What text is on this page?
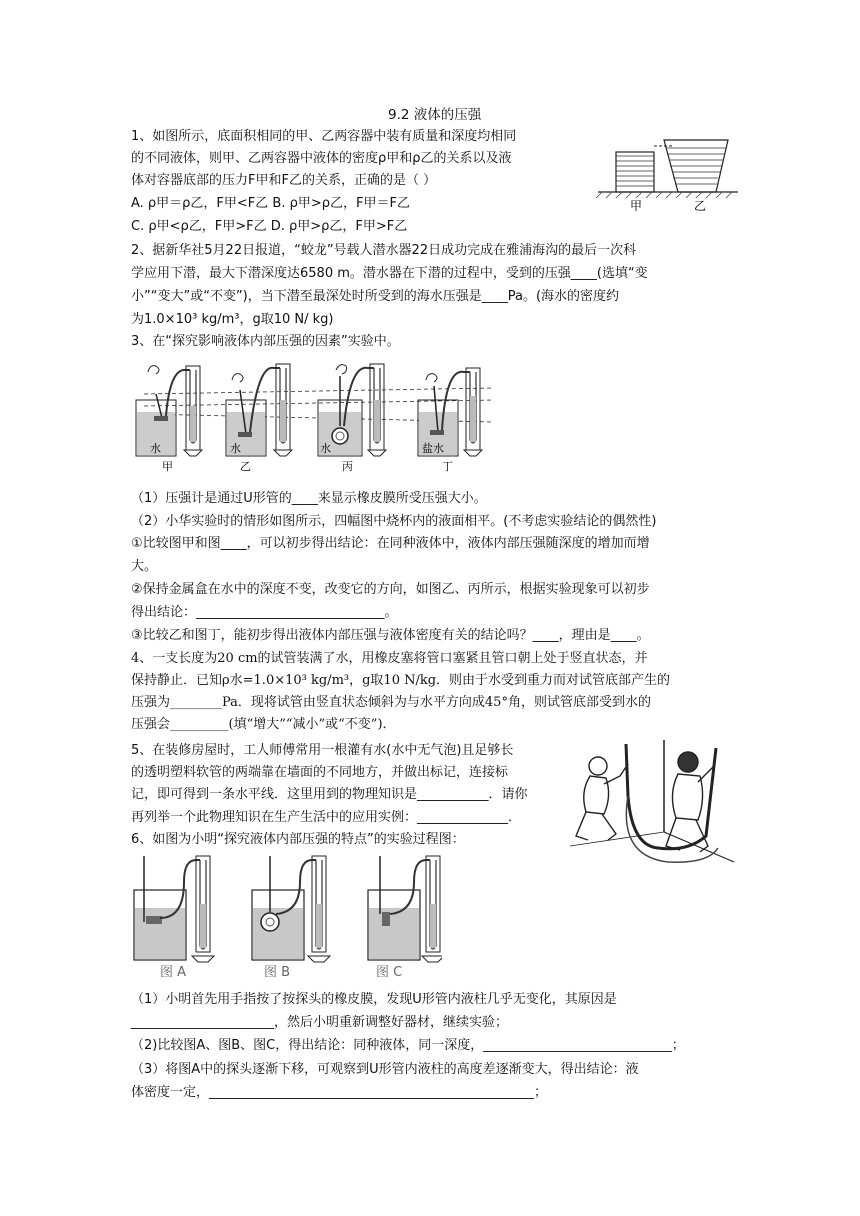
9.2 液体的压强
1、如图所示，底面积相同的甲、乙两容器中装有质量和深度均相同
的不同液体，则甲、乙两容器中液体的密度ρ甲和ρ乙的关系以及液
体对容器底部的压力F甲和F乙的关系，正确的是（ ）
A. ρ甲＝ρ乙，F甲<F乙 B. ρ甲>ρ乙，F甲＝F乙
C. ρ甲<ρ乙，F甲>F乙 D. ρ甲>ρ乙，F甲>F乙
甲	乙
2、据新华社5月22日报道，“蛟龙”号载人潜水器22日成功完成在雅浦海沟的最后一次科
学应用下潜，最大下潜深度达6580 m。潜水器在下潜的过程中，受到的压强____(选填“变
小”“变大”或“不变”)，当下潜至最深处时所受到的海水压强是____Pa。(海水的密度约
为1.0×10³ kg/m³，g取10 N/ kg)
3、在“探究影响液体内部压强的因素”实验中。
水
甲
水
乙
水
丙
盐水
丁
（1）压强计是通过U形管的____来显示橡皮膜所受压强大小。
（2）小华实验时的情形如图所示，四幅图中烧杯内的液面相平。(不考虑实验结论的偶然性)
①比较图甲和图____，可以初步得出结论：在同种液体中，液体内部压强随深度的增加而增
大。
②保持金属盒在水中的深度不变，改变它的方向，如图乙、丙所示，根据实验现象可以初步
得出结论：_____________________________。
③比较乙和图丁，能初步得出液体内部压强与液体密度有关的结论吗？____，理由是____。
4、一支长度为20 cm的试管装满了水，用橡皮塞将管口塞紧且管口朝上处于竖直状态，并
保持静止．已知ρ水=1.0×10³ kg/m³，g取10 N/kg．则由于水受到重力而对试管底部产生的
压强为________Pa．现将试管由竖直状态倾斜为与水平方向成45°角，则试管底部受到水的
压强会_________(填“增大”“减小”或“不变”)．
5、在装修房屋时，工人师傅常用一根灌有水(水中无气泡)且足够长
的透明塑料软管的两端靠在墙面的不同地方，并做出标记，连接标
记，即可得到一条水平线．这里用到的物理知识是___________．请你
再列举一个此物理知识在生产生活中的应用实例：______________．
6、如图为小明“探究液体内部压强的特点”的实验过程图：
图 A	图 B	图 C
（1）小明首先用手指按了按探头的橡皮膜，发现U形管内液柱几乎无变化，其原因是
______________________，然后小明重新调整好器材，继续实验；
（2)比较图A、图B、图C，得出结论：同种液体，同一深度，_____________________________；
（3）将图A中的探头逐渐下移，可观察到U形管内液柱的高度差逐渐变大，得出结论：液
体密度一定，__________________________________________________；
